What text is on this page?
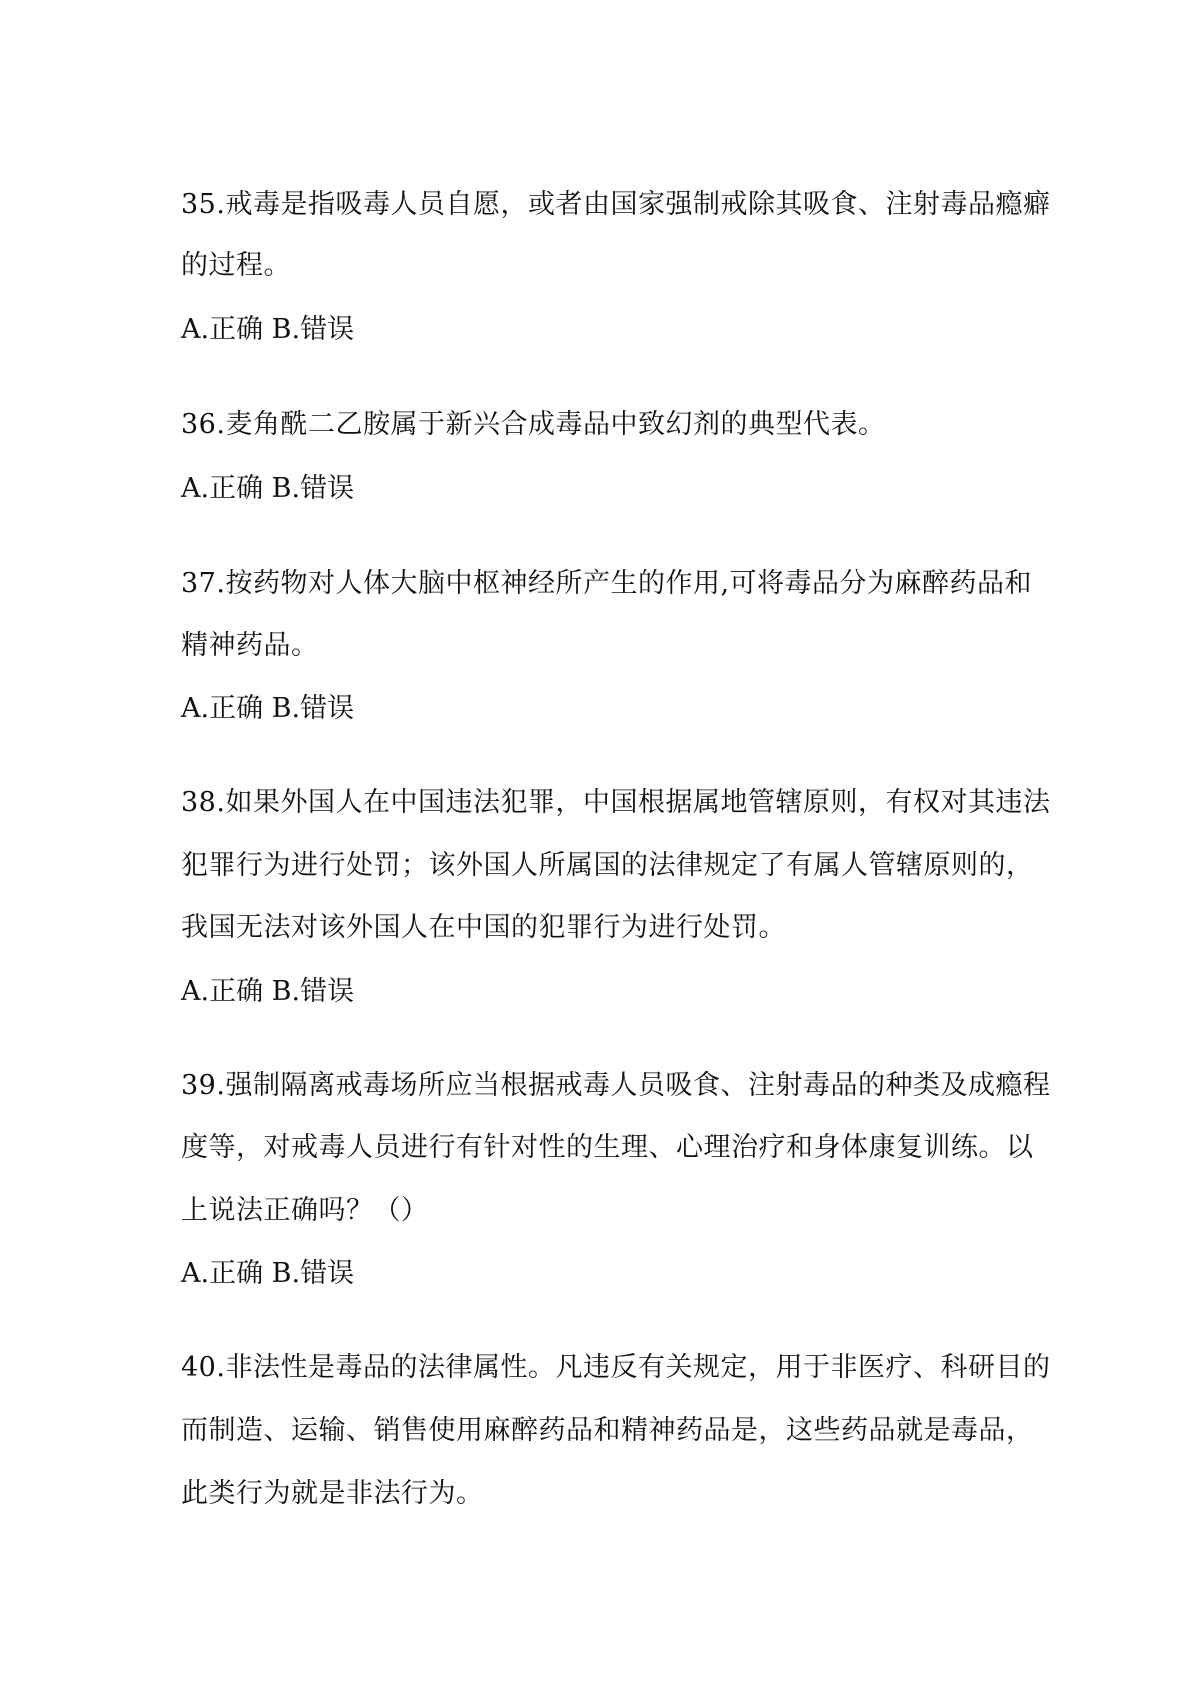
35.戒毒是指吸毒人员自愿，或者由国家强制戒除其吸食、注射毒品瘾癖
的过程。
A.正确 B.错误
36.麦角酰二乙胺属于新兴合成毒品中致幻剂的典型代表。
A.正确 B.错误
37.按药物对人体大脑中枢神经所产生的作用,可将毒品分为麻醉药品和
精神药品。
A.正确 B.错误
38.如果外国人在中国违法犯罪，中国根据属地管辖原则，有权对其违法
犯罪行为进行处罚；该外国人所属国的法律规定了有属人管辖原则的，
我国无法对该外国人在中国的犯罪行为进行处罚。
A.正确 B.错误
39.强制隔离戒毒场所应当根据戒毒人员吸食、注射毒品的种类及成瘾程
度等，对戒毒人员进行有针对性的生理、心理治疗和身体康复训练。以
上说法正确吗？（）
A.正确 B.错误
40.非法性是毒品的法律属性。凡违反有关规定，用于非医疗、科研目的
而制造、运输、销售使用麻醉药品和精神药品是，这些药品就是毒品，
此类行为就是非法行为。
